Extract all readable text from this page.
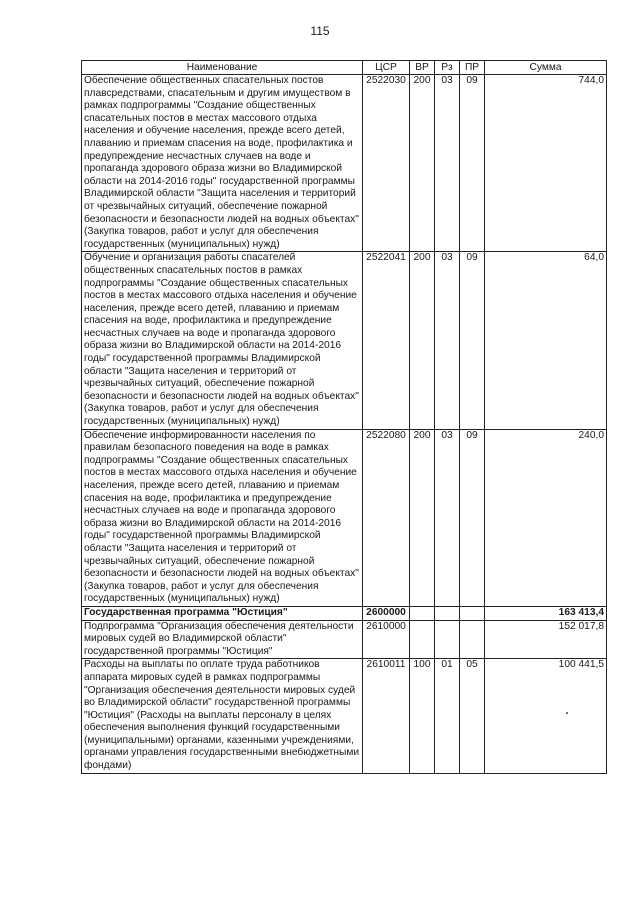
115
Наименование	ЦСР	ВР	Рз	ПР	Сумма
Обеспечение общественных спасательных постов плавсредствами, спасательным и другим имуществом в рамках подпрограммы "Создание общественных спасательных постов в местах массового отдыха населения и обучение населения, прежде всего детей, плаванию и приемам спасения на воде, профилактика и предупреждение несчастных случаев на воде и пропаганда здорового образа жизни во Владимирской области на 2014-2016 годы" государственной программы Владимирской области "Защита населения и территорий от чрезвычайных ситуаций, обеспечение пожарной безопасности и безопасности людей на водных объектах" (Закупка товаров, работ и услуг для обеспечения государственных (муниципальных) нужд)	2522030	200	03	09	744,0
Обучение и организация работы спасателей общественных спасательных постов в рамках подпрограммы "Создание общественных спасательных постов в местах массового отдыха населения и обучение населения, прежде всего детей, плаванию и приемам спасения на воде, профилактика и предупреждение несчастных случаев на воде и пропаганда здорового образа жизни во Владимирской области на 2014-2016 годы" государственной программы Владимирской области "Защита населения и территорий от чрезвычайных ситуаций, обеспечение пожарной безопасности и безопасности людей на водных объектах" (Закупка товаров, работ и услуг для обеспечения государственных (муниципальных) нужд)	2522041	200	03	09	64,0
Обеспечение информированности населения по правилам безопасного поведения на воде в рамках подпрограммы "Создание общественных спасательных постов в местах массового отдыха населения и обучение населения, прежде всего детей, плаванию и приемам спасения на воде, профилактика и предупреждение несчастных случаев на воде и пропаганда здорового образа жизни во Владимирской области на 2014-2016 годы" государственной программы Владимирской области "Защита населения и территорий от чрезвычайных ситуаций, обеспечение пожарной безопасности и безопасности людей на водных объектах" (Закупка товаров, работ и услуг для обеспечения государственных (муниципальных) нужд)	2522080	200	03	09	240,0
Государственная программа "Юстиция"	2600000				163 413,4
Подпрограмма "Организация обеспечения деятельности мировых судей во Владимирской области" государственной программы "Юстиция"	2610000				152 017,8
Расходы на выплаты по оплате труда работников аппарата мировых судей в рамках подпрограммы "Организация обеспечения деятельности мировых судей во Владимирской области" государственной программы "Юстиция" (Расходы на выплаты персоналу в целях обеспечения выполнения функций государственными (муниципальными) органами, казенными учреждениями, органами управления государственными внебюджетными фондами)	2610011	100	01	05	100 441,5
